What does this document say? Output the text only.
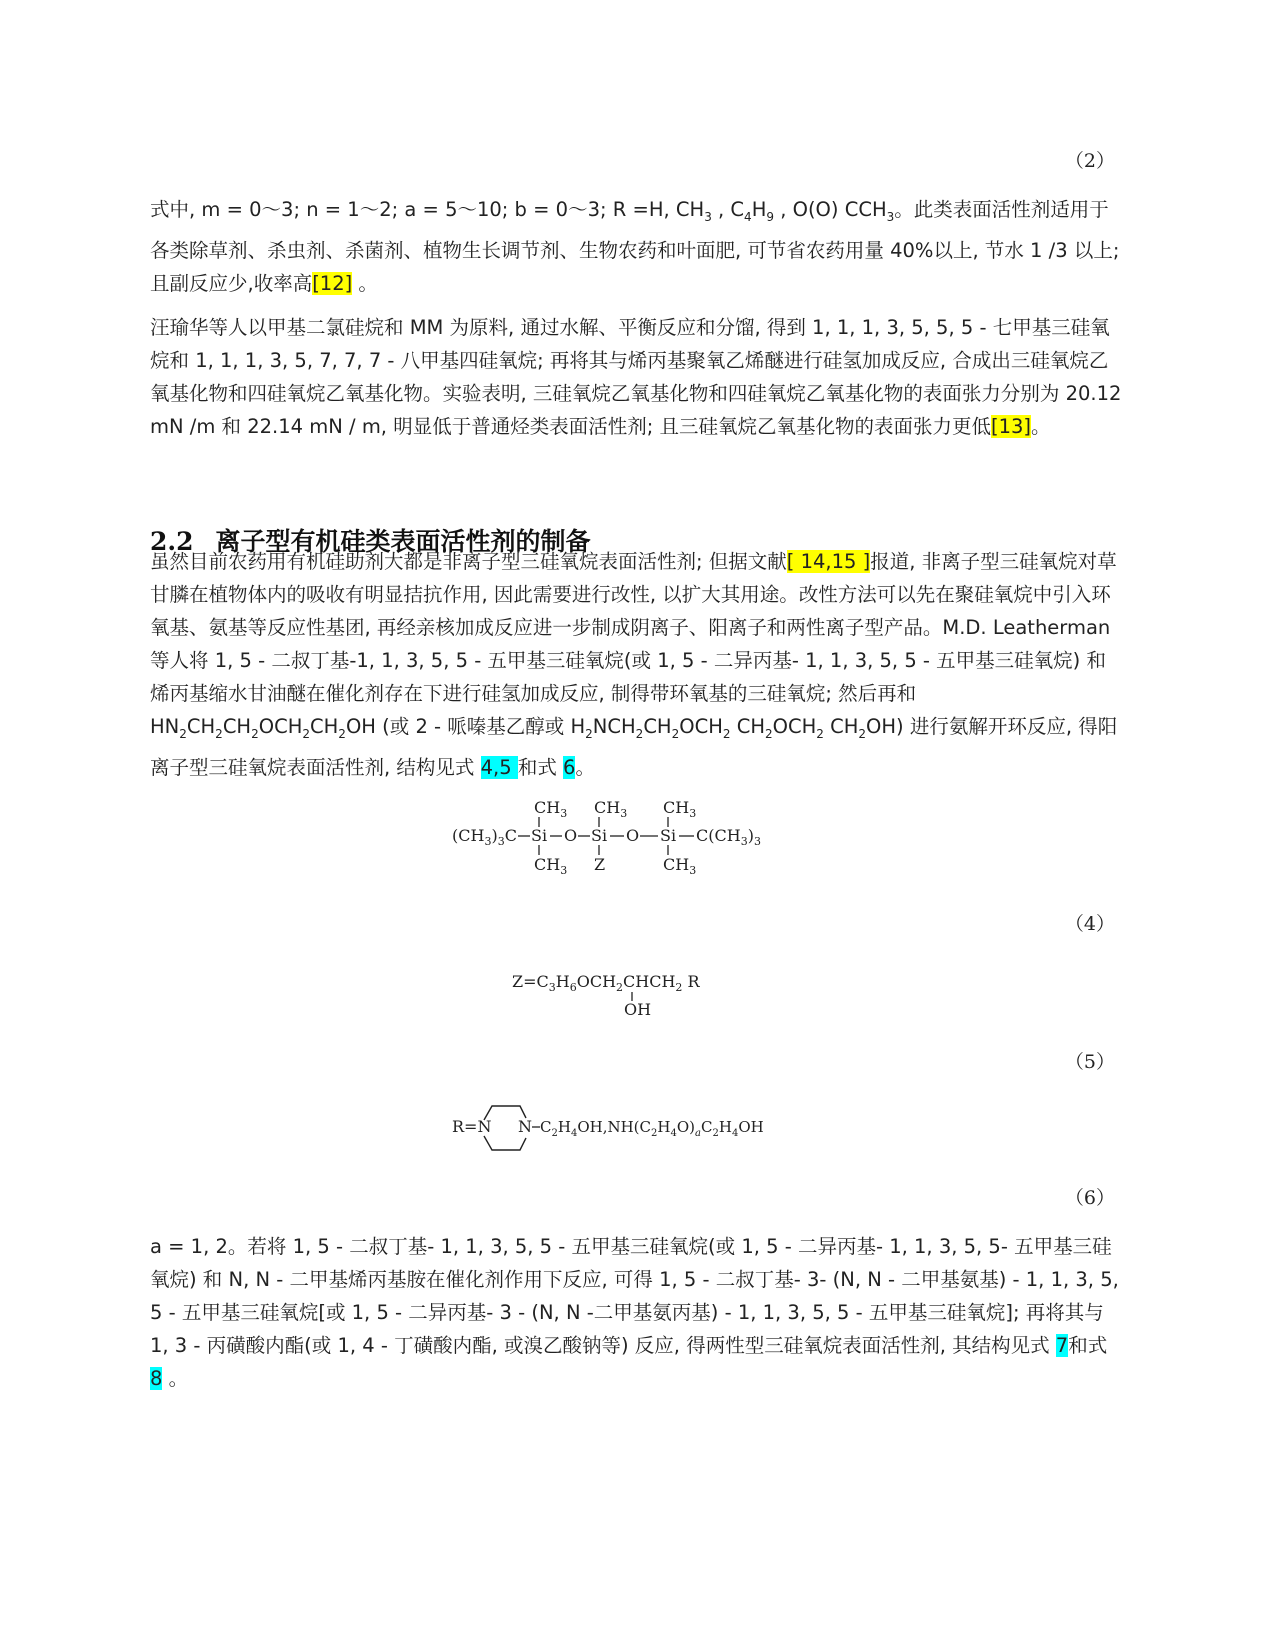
（2）
式中, m = 0～3; n = 1～2; a = 5～10; b = 0～3; R =H, $CH_3$ , $C_4H_9$ , O(O) $CCH_3$。此类表面活性剂适用于各类除草剂、杀虫剂、杀菌剂、植物生长调节剂、生物农药和叶面肥, 可节省农药用量 40%以上, 节水 1 /3 以上; 且副反应少,收率高[12] 。
汪瑜华等人以甲基二氯硅烷和 MM 为原料, 通过水解、平衡反应和分馏, 得到 1, 1, 1, 3, 5, 5, 5 - 七甲基三硅氧烷和 1, 1, 1, 3, 5, 7, 7, 7 - 八甲基四硅氧烷; 再将其与烯丙基聚氧乙烯醚进行硅氢加成反应, 合成出三硅氧烷乙氧基化物和四硅氧烷乙氧基化物。实验表明, 三硅氧烷乙氧基化物和四硅氧烷乙氧基化物的表面张力分别为 20.12 mN /m 和 22.14 mN / m, 明显低于普通烃类表面活性剂; 且三硅氧烷乙氧基化物的表面张力更低[13]。
2.2 离子型有机硅类表面活性剂的制备
虽然目前农药用有机硅助剂大都是非离子型三硅氧烷表面活性剂; 但据文献[ 14,15 ]报道, 非离子型三硅氧烷对草甘膦在植物体内的吸收有明显拮抗作用, 因此需要进行改性, 以扩大其用途。改性方法可以先在聚硅氧烷中引入环氧基、氨基等反应性基团, 再经亲核加成反应进一步制成阴离子、阳离子和两性离子型产品。M.D. Leatherman 等人将 1, 5 - 二叔丁基-1, 1, 3, 5, 5 - 五甲基三硅氧烷(或 1, 5 - 二异丙基- 1, 1, 3, 5, 5 - 五甲基三硅氧烷) 和烯丙基缩水甘油醚在催化剂存在下进行硅氢加成反应, 制得带环氧基的三硅氧烷; 然后再和 $HN_2CH_2CH_2OCH_2CH_2OH$ (或 2 - 哌嗪基乙醇或 $H_2NCH_2CH_2OCH_2$ $CH_2OCH_2$ $CH_2OH$) 进行氨解开环反应, 得阳离子型三硅氧烷表面活性剂, 结构见式 4,5 和式 6。
$CH_3$ $CH_3$ $CH_3$
$(CH_3)_3C$ Si O Si O Si $C(CH_3)_3$
$CH_3$ Z	$CH_3$
（4）
$Z=C_3H_6OCH_2CHCH_2$ R
OH
（5）
R=N N $C_2H_4OH,NH(C_2H_4O)_aC_2H_4OH$
（6）
a = 1, 2。若将 1, 5 - 二叔丁基- 1, 1, 3, 5, 5 - 五甲基三硅氧烷(或 1, 5 - 二异丙基- 1, 1, 3, 5, 5- 五甲基三硅氧烷) 和 N, N - 二甲基烯丙基胺在催化剂作用下反应, 可得 1, 5 - 二叔丁基- 3- (N, N - 二甲基氨基) - 1, 1, 3, 5, 5 - 五甲基三硅氧烷[或 1, 5 - 二异丙基- 3 - (N, N -二甲基氨丙基) - 1, 1, 3, 5, 5 - 五甲基三硅氧烷]; 再将其与 1, 3 - 丙磺酸内酯(或 1, 4 - 丁磺酸内酯, 或溴乙酸钠等) 反应, 得两性型三硅氧烷表面活性剂, 其结构见式 7和式 8 。
